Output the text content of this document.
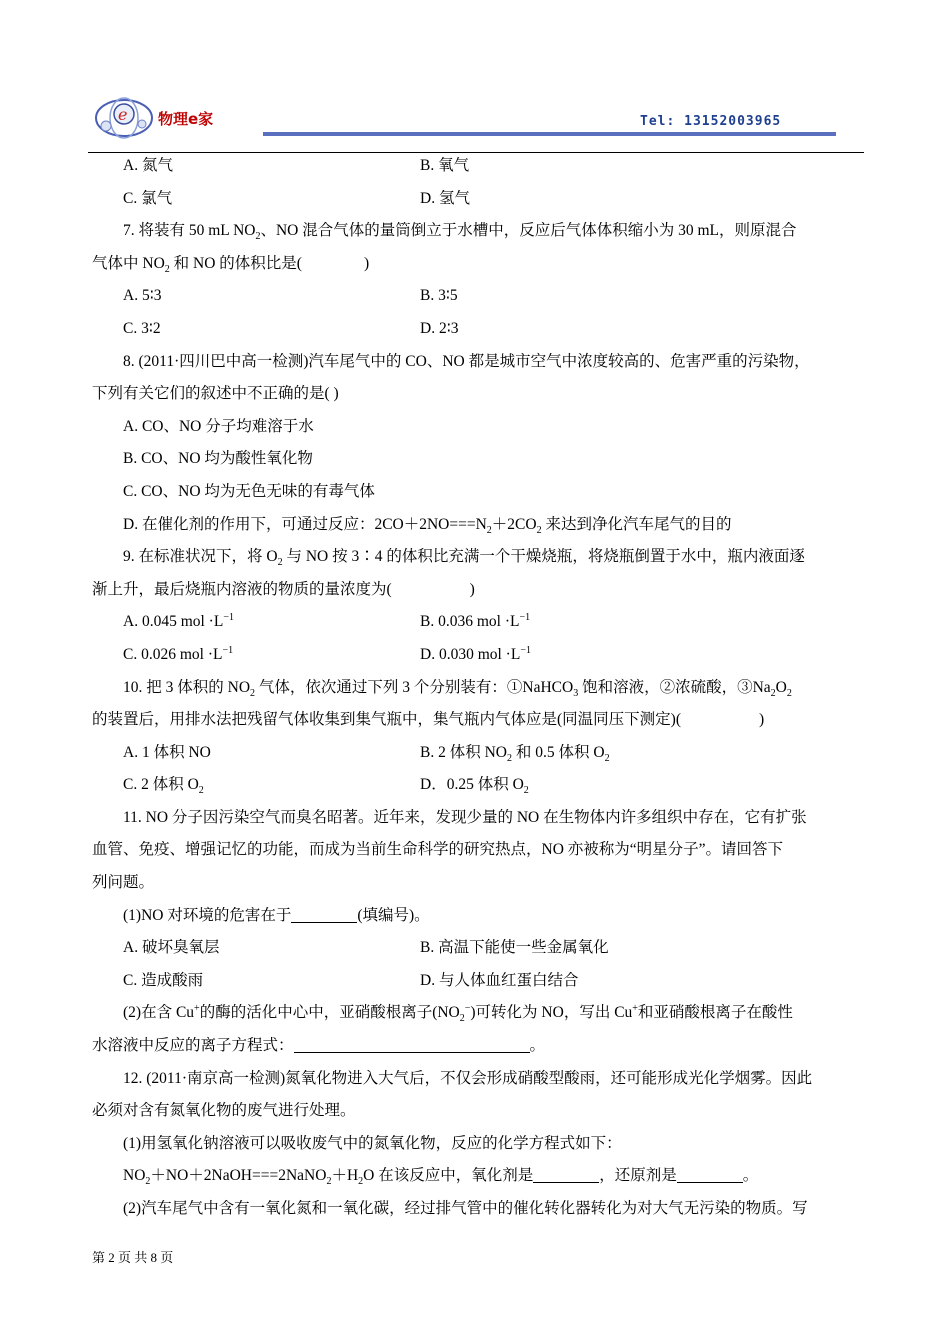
e 物理e家	Tel: 13152003965
A. 氮气	B. 氧气
C. 氯气	D. 氢气
7. 将装有 50 mL $NO_2$、NO 混合气体的量筒倒立于水槽中，反应后气体体积缩小为 30 mL，则原混合
气体中 $NO_2$ 和 NO 的体积比是(	)
A. 5∶3	B. 3∶5
C. 3∶2	D. 2∶3
8. (2011·四川巴中高一检测)汽车尾气中的 CO、NO 都是城市空气中浓度较高的、危害严重的污染物，
下列有关它们的叙述中不正确的是( )
A. CO、NO 分子均难溶于水
B. CO、NO 均为酸性氧化物
C. CO、NO 均为无色无味的有毒气体
D. 在催化剂的作用下，可通过反应：$2CO+2NO===N_2+2CO_2$ 来达到净化汽车尾气的目的
9. 在标准状况下，将 $O_2$ 与 NO 按 3∶4 的体积比充满一个干燥烧瓶，将烧瓶倒置于水中，瓶内液面逐
渐上升，最后烧瓶内溶液的物质的量浓度为(	)
A. 0.045 mol $\cdot L^{-1}$	B. 0.036 mol $\cdot L^{-1}$
C. 0.026 mol $\cdot L^{-1}$	D. 0.030 mol $\cdot L^{-1}$
10. 把 3 体积的 $NO_2$ 气体，依次通过下列 3 个分别装有：①NaHCO$_3$ 饱和溶液，②浓硫酸，$③Na_2O_2$
的装置后，用排水法把残留气体收集到集气瓶中，集气瓶内气体应是(同温同压下测定)(	)
A. 1 体积 NO	B. 2 体积 $NO_2$ 和 0.5 体积 $O_2$
C. 2 体积 $O_2$	D．0.25 体积 $O_2$
11. NO 分子因污染空气而臭名昭著。近年来，发现少量的 NO 在生物体内许多组织中存在，它有扩张
血管、免疫、增强记忆的功能，而成为当前生命科学的研究热点，NO 亦被称为“明星分子”。请回答下
列问题。
(1)NO 对环境的危害在于	(填编号)。
A. 破坏臭氧层	B. 高温下能使一些金属氧化
C. 造成酸雨	D. 与人体血红蛋白结合
(2)在含 Cu+的酶的活化中心中，亚硝酸根离子$(NO_2^-)$可转化为 NO，写出 Cu+和亚硝酸根离子在酸性
水溶液中反应的离子方程式：	。
12. (2011·南京高一检测)氮氧化物进入大气后，不仅会形成硝酸型酸雨，还可能形成光化学烟雾。因此
必须对含有氮氧化物的废气进行处理。
(1)用氢氧化钠溶液可以吸收废气中的氮氧化物，反应的化学方程式如下：
$NO_2+NO+2NaOH===2NaNO_2+H_2O$ 在该反应中，氧化剂是	，还原剂是	。
(2)汽车尾气中含有一氧化氮和一氧化碳，经过排气管中的催化转化器转化为对大气无污染的物质。写
第 2 页 共 8 页
